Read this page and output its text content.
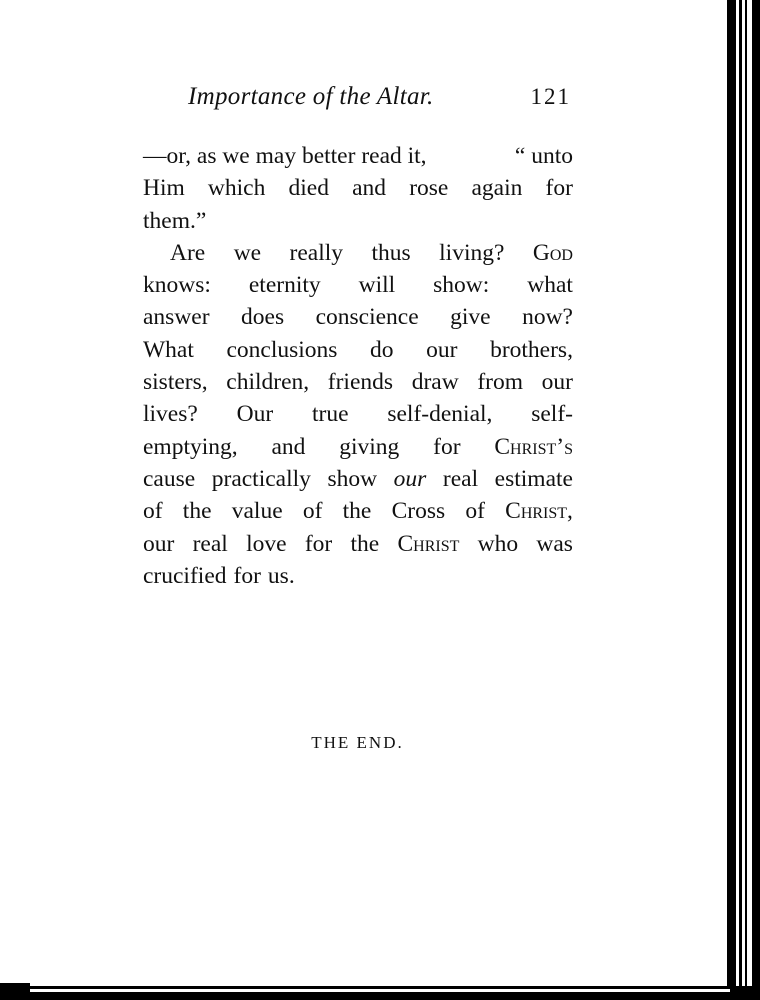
Importance of the Altar.	121
—or, as we may better read it,	“ unto
Him which died and rose again for
them.”
Are we really thus living? God
knows: eternity will show: what
answer does conscience give now?
What conclusions do our brothers,
sisters, children, friends draw from our
lives? Our true self-denial, self-
emptying, and giving for Christ’s
cause practically show our real estimate
of the value of the Cross of Christ,
our real love for the Christ who was
crucified for us.
THE END.
